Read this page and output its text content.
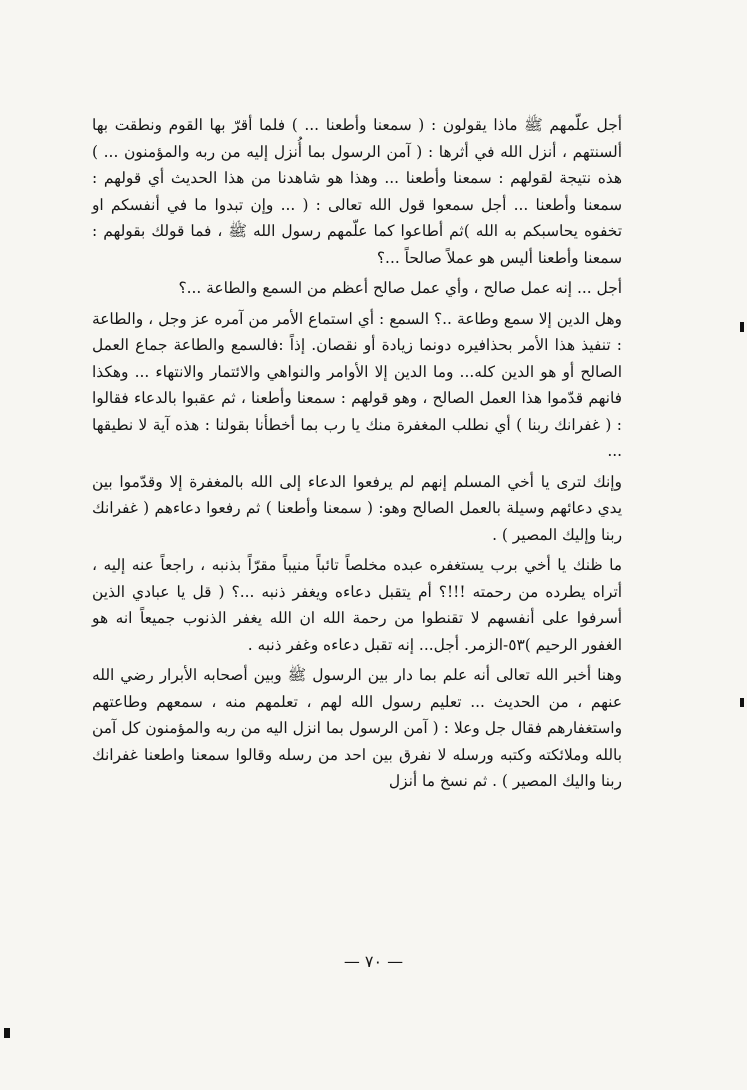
أجل علّمهم ﷺ ماذا يقولون : ( سمعنا وأطعنا ... ) فلما أقرّ بها القوم ونطقت بها ألسنتهم ، أنزل الله في أثرها : ( آمن الرسول بما أُنزل إليه من ربه والمؤمنون ... ) هذه نتيجة لقولهم : سمعنا وأطعنا ... وهذا هو شاهدنا من هذا الحديث أي قولهم : سمعنا وأطعنا ... أجل سمعوا قول الله تعالى : ( ... وإن تبدوا ما في أنفسكم او تخفوه يحاسبكم به الله )ثم أطاعوا كما علّمهم رسول الله ﷺ ، فما قولك بقولهم : سمعنا وأطعنا أليس هو عملاً صالحاً ...؟

أجل ... إنه عمل صالح ، وأي عمل صالح أعظم من السمع والطاعة ...؟

وهل الدين إلا سمع وطاعة ..؟ السمع : أي استماع الأمر من آمره عز وجل ، والطاعة : تنفيذ هذا الأمر بحذافيره دونما زيادة أو نقصان. إذاً :فالسمع والطاعة جماع العمل الصالح أو هو الدين كله... وما الدين إلا الأوامر والنواهي والائتمار والانتهاء ... وهكذا فانهم قدّموا هذا العمل الصالح ، وهو قولهم : سمعنا وأطعنا ، ثم عقبوا بالدعاء فقالوا : ( غفرانك ربنا ) أي نطلب المغفرة منك يا رب بما أخطأنا بقولنا : هذه آية لا نطيقها ...

وإنك لترى يا أخي المسلم إنهم لم يرفعوا الدعاء إلى الله بالمغفرة إلا وقدّموا بين يدي دعائهم وسيلة بالعمل الصالح وهو: ( سمعنا وأطعنا ) ثم رفعوا دعاءهم ( غفرانك ربنا وإليك المصير ) .

ما ظنك يا أخي برب يستغفره عبده مخلصاً تائباً منيباً مقرّاً بذنبه ، راجعاً عنه إليه ، أتراه يطرده من رحمته !!!؟ أم يتقبل دعاءه ويغفر ذنبه ...؟ ( قل يا عبادي الذين أسرفوا على أنفسهم لا تقنطوا من رحمة الله ان الله يغفر الذنوب جميعاً انه هو الغفور الرحيم )٥٣-الزمر. أجل... إنه تقبل دعاءه وغفر ذنبه .

وهنا أخبر الله تعالى أنه علم بما دار بين الرسول ﷺ وبين أصحابه الأبرار رضي الله عنهم ، من الحديث ... تعليم رسول الله لهم ، تعلمهم منه ، سمعهم وطاعتهم واستغفارهم فقال جل وعلا : ( آمن الرسول بما انزل اليه من ربه والمؤمنون كل آمن بالله وملائكته وكتبه ورسله لا نفرق بين احد من رسله وقالوا سمعنا واطعنا غفرانك ربنا واليك المصير ) . ثم نسخ ما أنزل

— ٧٠ —
